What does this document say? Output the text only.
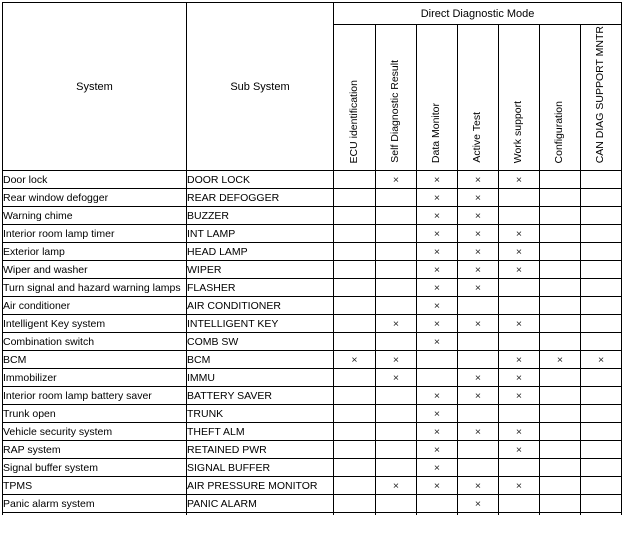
System	Sub System	Direct Diagnostic Mode						

		ECU identification	Self Diagnostic Result	Data Monitor	Active Test	Work support	Configuration	CAN DIAG SUPPORT MNTR

Door lock	DOOR LOCK		×	×	×	×		
Rear window defogger	REAR DEFOGGER			×	×			
Warning chime	BUZZER			×	×			
Interior room lamp timer	INT LAMP			×	×	×		
Exterior lamp	HEAD LAMP			×	×	×		
Wiper and washer	WIPER			×	×	×		
Turn signal and hazard warning lamps	FLASHER			×	×			
Air conditioner	AIR CONDITIONER			×				
Intelligent Key system	INTELLIGENT KEY		×	×	×	×		
Combination switch	COMB SW			×				
BCM	BCM	×	×			×	×	×
Immobilizer	IMMU		×		×	×		
Interior room lamp battery saver	BATTERY SAVER			×	×	×		
Trunk open	TRUNK			×				
Vehicle security system	THEFT ALM			×	×	×		
RAP system	RETAINED PWR			×		×		
Signal buffer system	SIGNAL BUFFER			×				
TPMS	AIR PRESSURE MONITOR		×	×	×	×		
Panic alarm system	PANIC ALARM				×			
